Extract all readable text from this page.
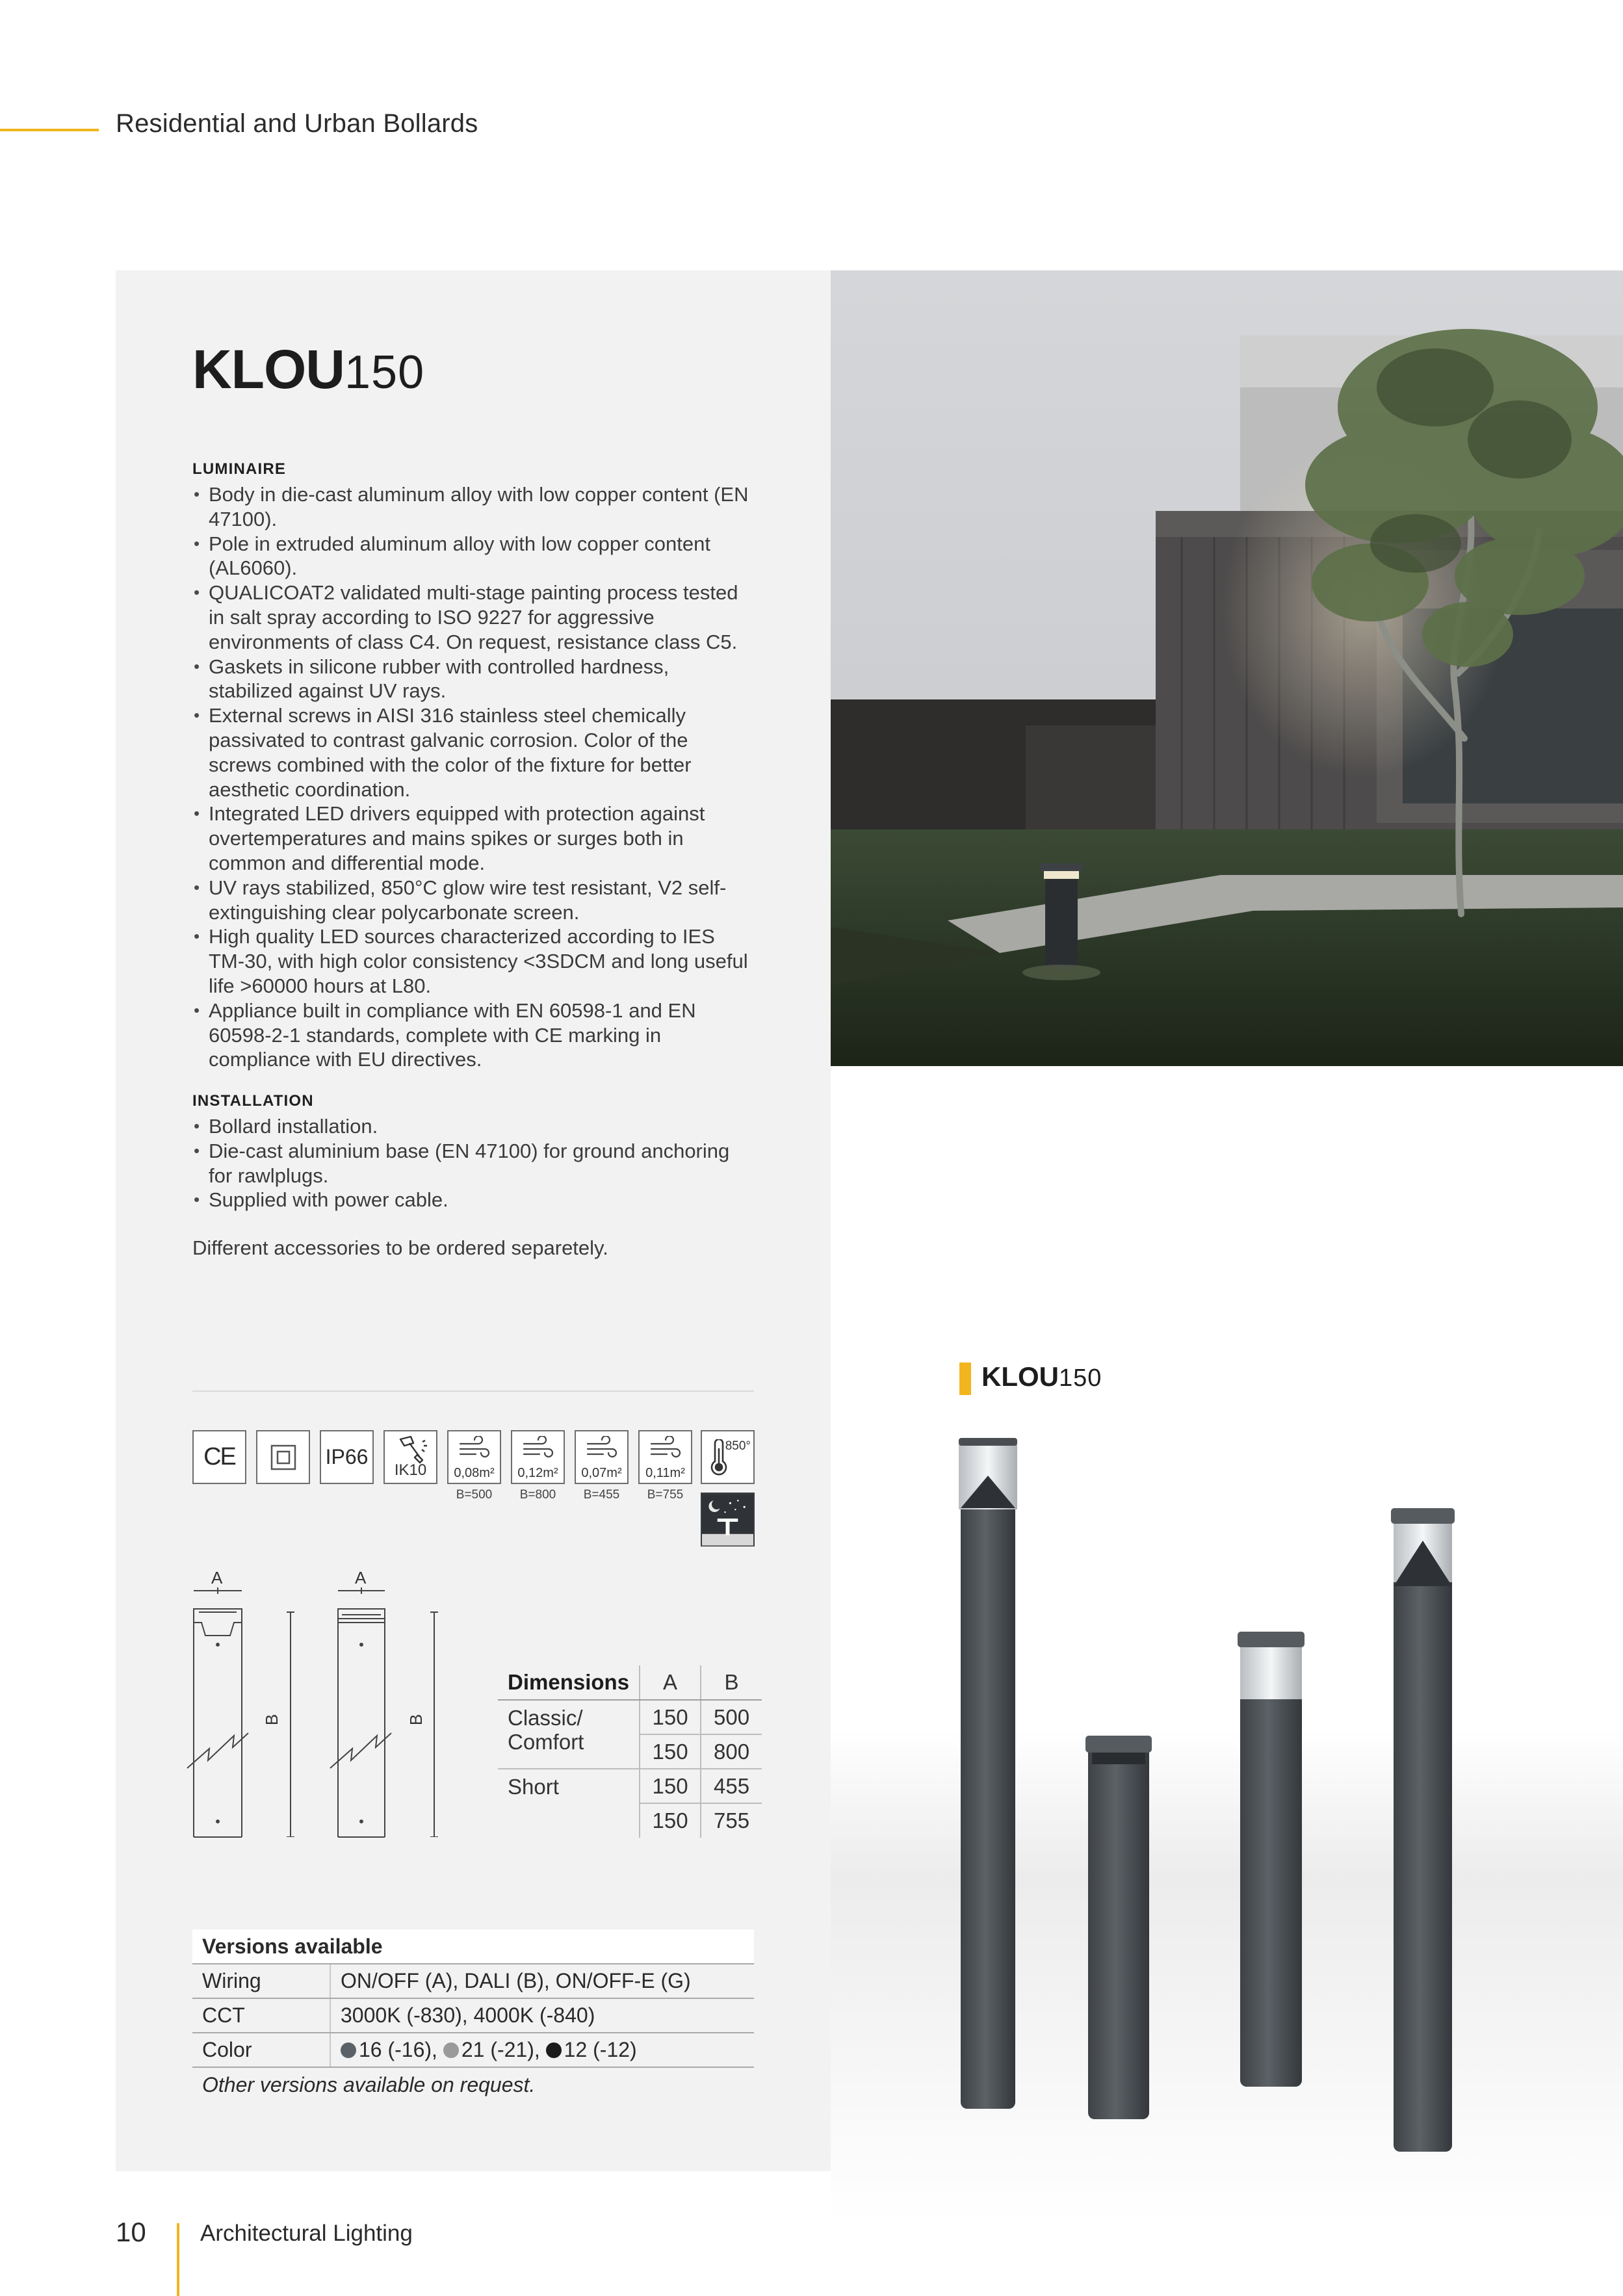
Residential and Urban Bollards
KLOU150
LUMINAIRE
• Body in die-cast aluminum alloy with low copper content (EN 47100).
• Pole in extruded aluminum alloy with low copper content (AL6060).
• QUALICOAT2 validated multi-stage painting process tested in salt spray according to ISO 9227 for aggressive environments of class C4. On request, resistance class C5.
• Gaskets in silicone rubber with controlled hardness, stabilized against UV rays.
• External screws in AISI 316 stainless steel chemically passivated to contrast galvanic corrosion. Color of the screws combined with the color of the fixture for better aesthetic coordination.
• Integrated LED drivers equipped with protection against overtemperatures and mains spikes or surges both in common and differential mode.
• UV rays stabilized, 850°C glow wire test resistant, V2 self-extinguishing clear polycarbonate screen.
• High quality LED sources characterized according to IES TM-30, with high color consistency <3SDCM and long useful life >60000 hours at L80.
• Appliance built in compliance with EN 60598-1 and EN 60598-2-1 standards, complete with CE marking in compliance with EU directives.
INSTALLATION
• Bollard installation.
• Die-cast aluminium base (EN 47100) for ground anchoring for rawlplugs.
• Supplied with power cable.
Different accessories to be ordered separetely.
CE	IP66
IK10	0,08m²
B=500
0,12m²
B=800
0,07m²
B=455
0,11m²
B=755
850°
A	A
B	B
Dimensions	A	B
Classic/ Comfort	150	500
	150	800
Short	150	455
	150	755
Versions available	
Wiring	ON/OFF (A), DALI (B), ON/OFF-E (G)
CCT	3000K (-830), 4000K (-840)
Color	16 (-16), 21 (-21), 12 (-12)
Other versions available on request.	
KLOU150
10 Architectural Lighting
